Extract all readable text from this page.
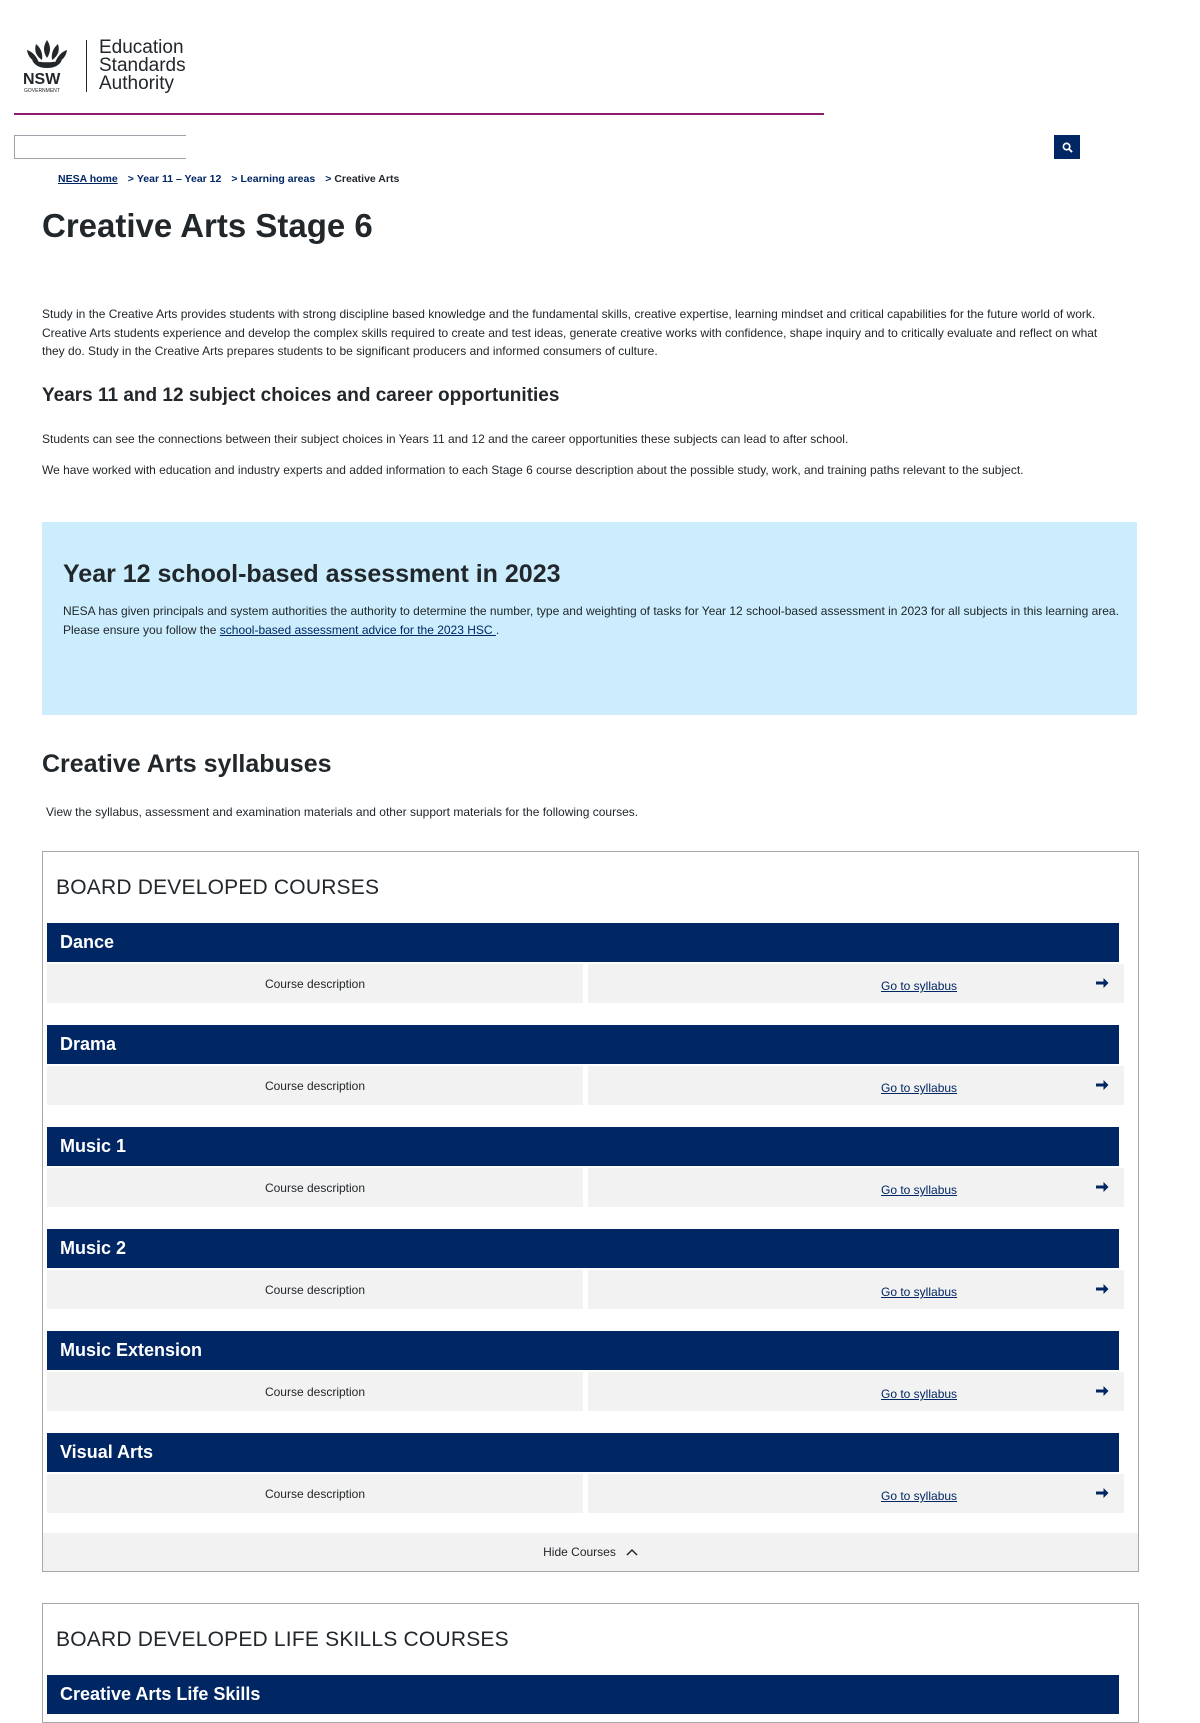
NSW
GOVERNMENT
Education
Standards
Authority
NESA home > Year 11 – Year 12 > Learning areas > Creative Arts
Creative Arts Stage 6

Study in the Creative Arts provides students with strong discipline based knowledge and the fundamental skills, creative expertise, learning mindset and critical capabilities for the future world of work. Creative Arts students experience and develop the complex skills required to create and test ideas, generate creative works with confidence, shape inquiry and to critically evaluate and reflect on what they do. Study in the Creative Arts prepares students to be significant producers and informed consumers of culture.

Years 11 and 12 subject choices and career opportunities

Students can see the connections between their subject choices in Years 11 and 12 and the career opportunities these subjects can lead to after school.

We have worked with education and industry experts and added information to each Stage 6 course description about the possible study, work, and training paths relevant to the subject.

Year 12 school-based assessment in 2023

NESA has given principals and system authorities the authority to determine the number, type and weighting of tasks for Year 12 school-based assessment in 2023 for all subjects in this learning area. Please ensure you follow the school-based assessment advice for the 2023 HSC .

Creative Arts syllabuses

View the syllabus, assessment and examination materials and other support materials for the following courses.

BOARD DEVELOPED COURSES
Dance
Course description	Go to syllabus
Drama
Course description	Go to syllabus
Music 1
Course description	Go to syllabus
Music 2
Course description	Go to syllabus
Music Extension
Course description	Go to syllabus
Visual Arts
Course description	Go to syllabus
Hide Courses
BOARD DEVELOPED LIFE SKILLS COURSES
Creative Arts Life Skills
